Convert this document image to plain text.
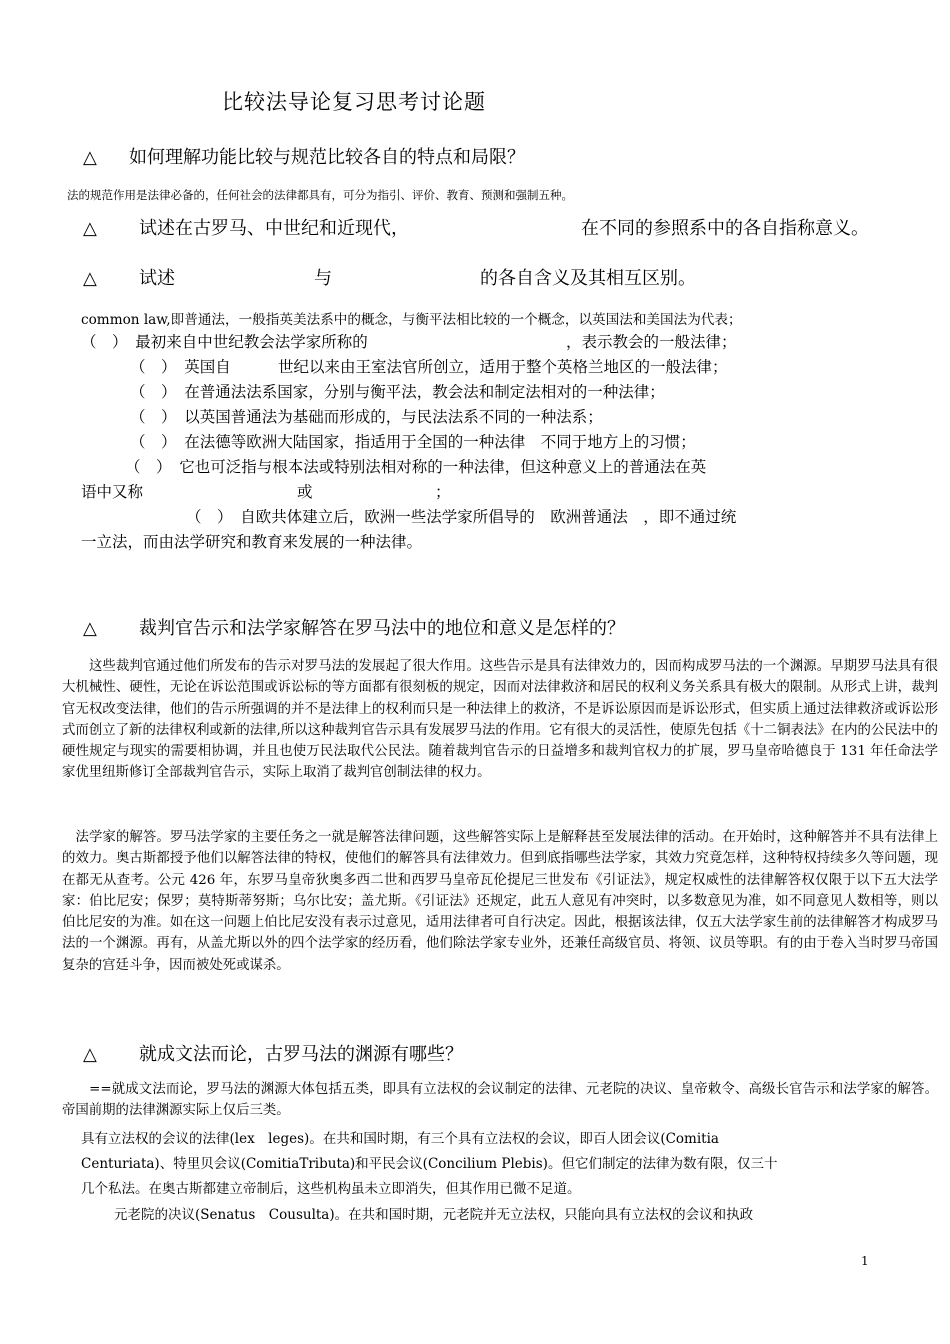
比较法导论复习思考讨论题
△ 如何理解功能比较与规范比较各自的特点和局限？
法的规范作用是法律必备的，任何社会的法律都具有，可分为指引、评价、教育、预测和强制五种。
△ 试述在古罗马、中世纪和近现代，	在不同的参照系中的各自指称意义。
△ 试述	与	的各自含义及其相互区别。
common law,即普通法，一般指英美法系中的概念，与衡平法相比较的一个概念，以英国法和美国法为代表；
（　）　最初来自中世纪教会法学家所称的	，表示教会的一般法律；
（　）　英国自	世纪以来由王室法官所创立，适用于整个英格兰地区的一般法律；
（　）　在普通法法系国家，分别与衡平法，教会法和制定法相对的一种法律；
（　）　以英国普通法为基础而形成的，与民法法系不同的一种法系；
（　）　在法德等欧洲大陆国家，指适用于全国的一种法律　不同于地方上的习惯；
（　）　它也可泛指与根本法或特别法相对称的一种法律，但这种意义上的普通法在英
语中又称	或	；
（　）　自欧共体建立后，欧洲一些法学家所倡导的　欧洲普通法　，即不通过统
一立法，而由法学研究和教育来发展的一种法律。
△ 裁判官告示和法学家解答在罗马法中的地位和意义是怎样的？
　　这些裁判官通过他们所发布的告示对罗马法的发展起了很大作用。这些告示是具有法律效力的，因而构成罗马法的一个渊源。早期罗马法具有很大机械性、硬性，无论在诉讼范围或诉讼标的等方面都有很刻板的规定，因而对法律救济和居民的权利义务关系具有极大的限制。从形式上讲，裁判官无权改变法律，他们的告示所强调的并不是法律上的权利而只是一种法律上的救济，不是诉讼原因而是诉讼形式，但实质上通过法律救济或诉讼形式而创立了新的法律权利或新的法律,所以这种裁判官告示具有发展罗马法的作用。它有很大的灵活性，使原先包括《十二铜表法》在内的公民法中的硬性规定与现实的需要相协调，并且也使万民法取代公民法。随着裁判官告示的日益增多和裁判官权力的扩展，罗马皇帝哈德良于 131 年任命法学家优里纽斯修订全部裁判官告示，实际上取消了裁判官创制法律的权力。
　法学家的解答。罗马法学家的主要任务之一就是解答法律问题，这些解答实际上是解释甚至发展法律的活动。在开始时，这种解答并不具有法律上的效力。奥古斯都授予他们以解答法律的特权，使他们的解答具有法律效力。但到底指哪些法学家，其效力究竟怎样，这种特权持续多久等问题，现在都无从查考。公元 426 年，东罗马皇帝狄奥多西二世和西罗马皇帝瓦伦提尼三世发布《引证法》，规定权威性的法律解答权仅限于以下五大法学家：伯比尼安；保罗；莫特斯蒂努斯；乌尔比安；盖尤斯。《引证法》还规定，此五人意见有冲突时，以多数意见为准，如不同意见人数相等，则以伯比尼安的为准。如在这一问题上伯比尼安没有表示过意见，适用法律者可自行决定。因此，根据该法律，仅五大法学家生前的法律解答才构成罗马法的一个渊源。再有，从盖尤斯以外的四个法学家的经历看，他们除法学家专业外，还兼任高级官员、将领、议员等职。有的由于卷入当时罗马帝国复杂的宫廷斗争，因而被处死或谋杀。
△ 就成文法而论，古罗马法的渊源有哪些？
　　==就成文法而论，罗马法的渊源大体包括五类，即具有立法权的会议制定的法律、元老院的决议、皇帝敕令、高级长官告示和法学家的解答。帝国前期的法律渊源实际上仅后三类。
具有立法权的会议的法律(lex　leges)。在共和国时期，有三个具有立法权的会议，即百人团会议(Comitia
Centuriata)、特里贝会议(ComitiaTributa)和平民会议(Concilium Plebis)。但它们制定的法律为数有限，仅三十
几个私法。在奥古斯都建立帝制后，这些机构虽未立即消失，但其作用已微不足道。
元老院的决议(Senatus　Cousulta)。在共和国时期，元老院并无立法权，只能向具有立法权的会议和执政
1
